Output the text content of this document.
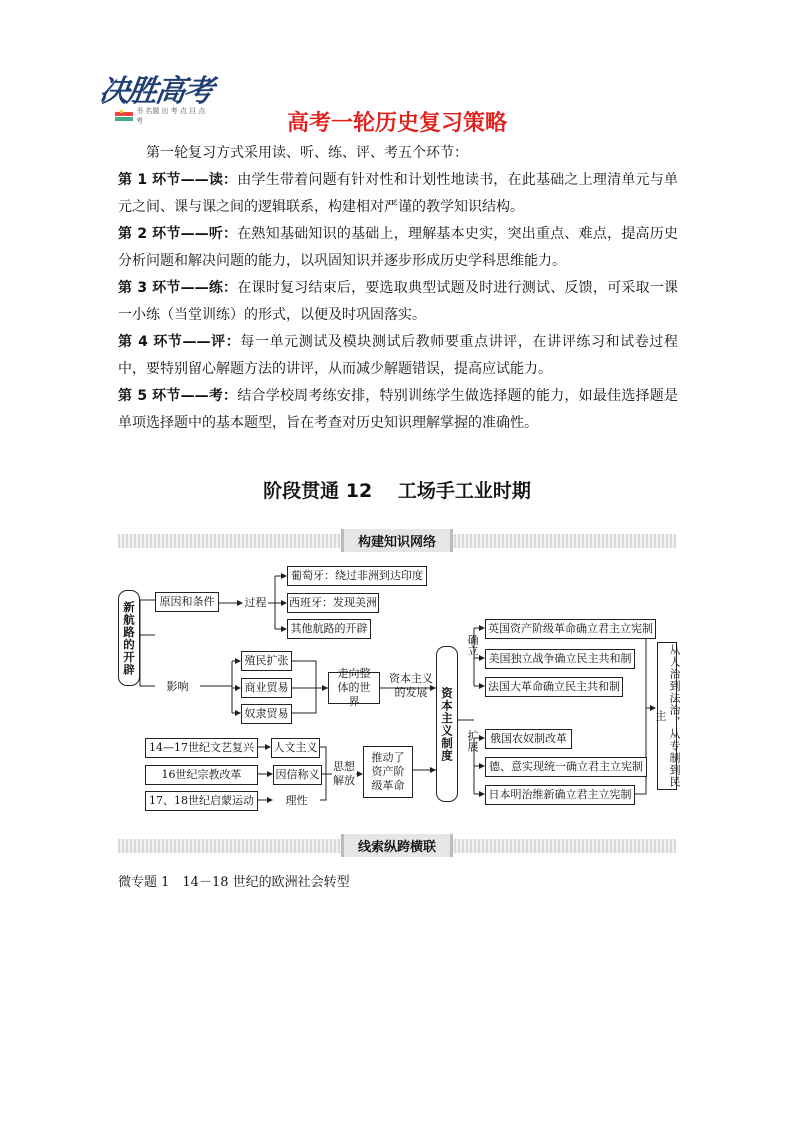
决胜高考
书 名题 出 考 点 目 点 考	高考一轮历史复习策略
第一轮复习方式采用读、听、练、评、考五个环节：
第 1 环节——读：由学生带着问题有针对性和计划性地读书，在此基础之上理清单元与单元之间、课与课之间的逻辑联系，构建相对严谨的教学知识结构。
第 2 环节——听：在熟知基础知识的基础上，理解基本史实，突出重点、难点，提高历史分析问题和解决问题的能力，以巩固知识并逐步形成历史学科思维能力。
第 3 环节——练：在课时复习结束后，要选取典型试题及时进行测试、反馈，可采取一课一小练（当堂训练）的形式，以便及时巩固落实。
第 4 环节——评：每一单元测试及模块测试后教师要重点讲评，在讲评练习和试卷过程中，要特别留心解题方法的讲评，从而减少解题错误，提高应试能力。
第 5 环节——考：结合学校周考练安排，特别训练学生做选择题的能力，如最佳选择题是单项选择题中的基本题型，旨在考查对历史知识理解掌握的准确性。
阶段贯通 12　 工场手工业时期
构建知识网络
新航路的开辟	原因和条件	过程
葡萄牙：绕过非洲到达印度
西班牙：发现美洲
其他航路的开辟
影响
殖民扩张
商业贸易
奴隶贸易
走向整体的世界
资本主义的发展
14—17世纪文艺复兴
16世纪宗教改革
17、18世纪启蒙运动
人文主义
因信称义
理性
思想解放
推动了资产阶级革命
资本主义制度
确立
扩展
英国资产阶级革命确立君主立宪制
美国独立战争确立民主共和制
法国大革命确立民主共和制
俄国农奴制改革
德、意实现统一确立君主立宪制
日本明治维新确立君主立宪制
从人治到法治，从专制到民主
线索纵跨横联
微专题 1　14－18 世纪的欧洲社会转型
